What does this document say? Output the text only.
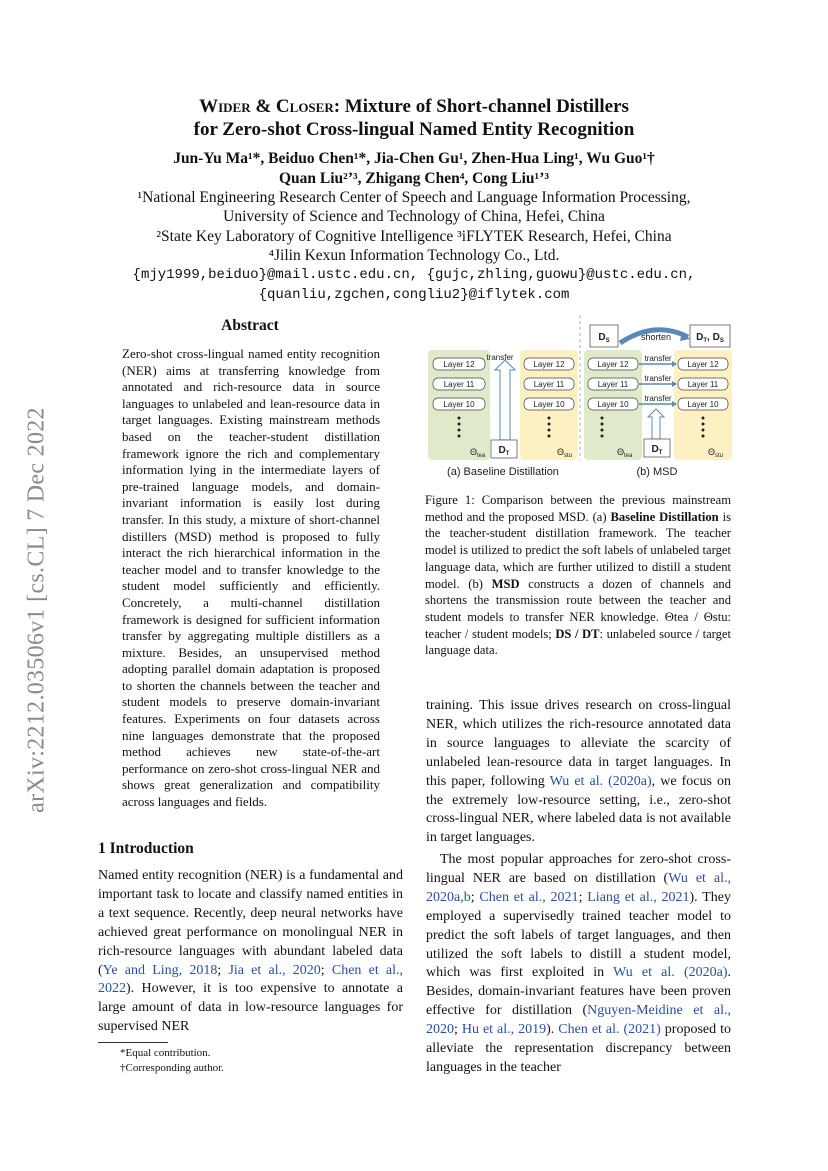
arXiv:2212.03506v1 [cs.CL] 7 Dec 2022
Wider & Closer: Mixture of Short-channel Distillers
for Zero-shot Cross-lingual Named Entity Recognition
Jun-Yu Ma¹*, Beiduo Chen¹*, Jia-Chen Gu¹, Zhen-Hua Ling¹, Wu Guo¹†
Quan Liu²ʼ³, Zhigang Chen⁴, Cong Liu¹ʼ³
¹National Engineering Research Center of Speech and Language Information Processing,
University of Science and Technology of China, Hefei, China
²State Key Laboratory of Cognitive Intelligence ³iFLYTEK Research, Hefei, China
⁴Jilin Kexun Information Technology Co., Ltd.
{mjy1999,beiduo}@mail.ustc.edu.cn, {gujc,zhling,guowu}@ustc.edu.cn,
{quanliu,zgchen,congliu2}@iflytek.com
Abstract
Zero-shot cross-lingual named entity recognition (NER) aims at transferring knowledge from annotated and rich-resource data in source languages to unlabeled and lean-resource data in target languages. Existing mainstream methods based on the teacher-student distillation framework ignore the rich and complementary information lying in the intermediate layers of pre-trained language models, and domain-invariant information is easily lost during transfer. In this study, a mixture of short-channel distillers (MSD) method is proposed to fully interact the rich hierarchical information in the teacher model and to transfer knowledge to the student model sufficiently and efficiently. Concretely, a multi-channel distillation framework is designed for sufficient information transfer by aggregating multiple distillers as a mixture. Besides, an unsupervised method adopting parallel domain adaptation is proposed to shorten the channels between the teacher and student models to preserve domain-invariant features. Experiments on four datasets across nine languages demonstrate that the proposed method achieves new state-of-the-art performance on zero-shot cross-lingual NER and shows great generalization and compatibility across languages and fields.
1 Introduction
Named entity recognition (NER) is a fundamental and important task to locate and classify named entities in a text sequence. Recently, deep neural networks have achieved great performance on monolingual NER in rich-resource languages with abundant labeled data (Ye and Ling, 2018; Jia et al., 2020; Chen et al., 2022). However, it is too expensive to annotate a large amount of data in low-resource languages for supervised NER
*Equal contribution.
†Corresponding author.
Layer 12
Layer 11
Layer 10
Layer 12
Layer 11
Layer 10
transfer
$D_T$
$\Theta_{tea}$	$\Theta_{stu}$
(a) Baseline Distillation
$D_S$	$D_T$, $D_S$
shorten
Layer 12
Layer 11
Layer 10
Layer 12
Layer 11
Layer 10
transfer
transfer
transfer
$D_T$
$\Theta_{tea}$	$\Theta_{stu}$
(b) MSD
Figure 1: Comparison between the previous mainstream method and the proposed MSD. (a) Baseline Distillation is the teacher-student distillation framework. The teacher model is utilized to predict the soft labels of unlabeled target language data, which are further utilized to distill a student model. (b) MSD constructs a dozen of channels and shortens the transmission route between the teacher and student models to transfer NER knowledge. Θtea / Θstu: teacher / student models; DS / DT: unlabeled source / target language data.
training. This issue drives research on cross-lingual NER, which utilizes the rich-resource annotated data in source languages to alleviate the scarcity of unlabeled lean-resource data in target languages. In this paper, following Wu et al. (2020a), we focus on the extremely low-resource setting, i.e., zero-shot cross-lingual NER, where labeled data is not available in target languages.
The most popular approaches for zero-shot cross-lingual NER are based on distillation (Wu et al., 2020a,b; Chen et al., 2021; Liang et al., 2021). They employed a supervisedly trained teacher model to predict the soft labels of target languages, and then utilized the soft labels to distill a student model, which was first exploited in Wu et al. (2020a). Besides, domain-invariant features have been proven effective for distillation (Nguyen-Meidine et al., 2020; Hu et al., 2019). Chen et al. (2021) proposed to alleviate the representation discrepancy between languages in the teacher
